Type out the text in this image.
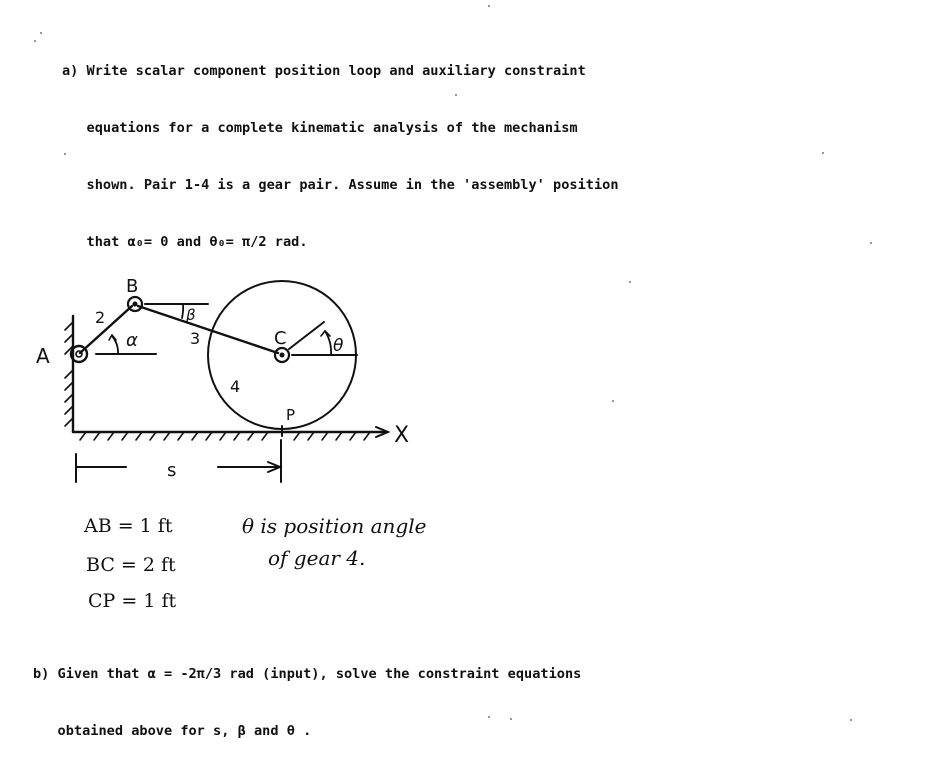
a) Write scalar component position loop and auxiliary constraint

equations for a complete kinematic analysis of the mechanism

shown. Pair 1-4 is a gear pair. Assume in the 'assembly' position

that α₀= 0 and θ₀= π/2 rad.

A
B
C
P
X
2
3
4
α
β
θ
s
AB = 1 ft
BC = 2 ft
CP = 1 ft
θ is position angle
of gear 4.

b) Given that α = -2π/3 rad (input), solve the constraint equations

obtained above for s, β and θ .
